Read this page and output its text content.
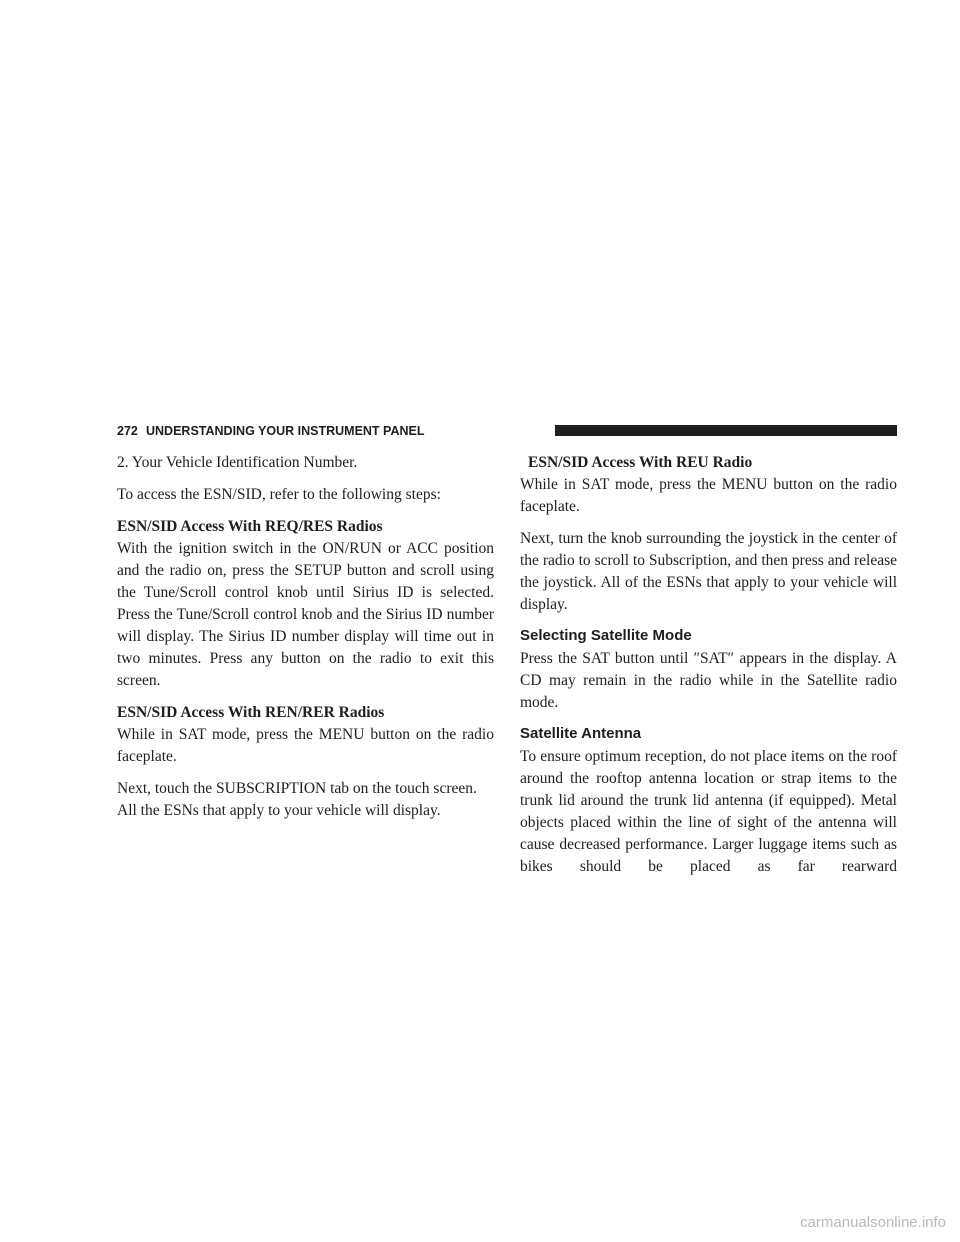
272 UNDERSTANDING YOUR INSTRUMENT PANEL

2. Your Vehicle Identification Number.

To access the ESN/SID, refer to the following steps:

ESN/SID Access With REQ/RES Radios

With the ignition switch in the ON/RUN or ACC position and the radio on, press the SETUP button and scroll using the Tune/Scroll control knob until Sirius ID is selected. Press the Tune/Scroll control knob and the Sirius ID number will display. The Sirius ID number display will time out in two minutes. Press any button on the radio to exit this screen.

ESN/SID Access With REN/RER Radios

While in SAT mode, press the MENU button on the radio faceplate.

Next, touch the SUBSCRIPTION tab on the touch screen. All the ESNs that apply to your vehicle will display.

ESN/SID Access With REU Radio

While in SAT mode, press the MENU button on the radio faceplate.

Next, turn the knob surrounding the joystick in the center of the radio to scroll to Subscription, and then press and release the joystick. All of the ESNs that apply to your vehicle will display.

Selecting Satellite Mode

Press the SAT button until ″SAT″ appears in the display. A CD may remain in the radio while in the Satellite radio mode.

Satellite Antenna

To ensure optimum reception, do not place items on the roof around the rooftop antenna location or strap items to the trunk lid around the trunk lid antenna (if equipped). Metal objects placed within the line of sight of the antenna will cause decreased performance. Larger luggage items such as bikes should be placed as far rearward

carmanualsonline.info
